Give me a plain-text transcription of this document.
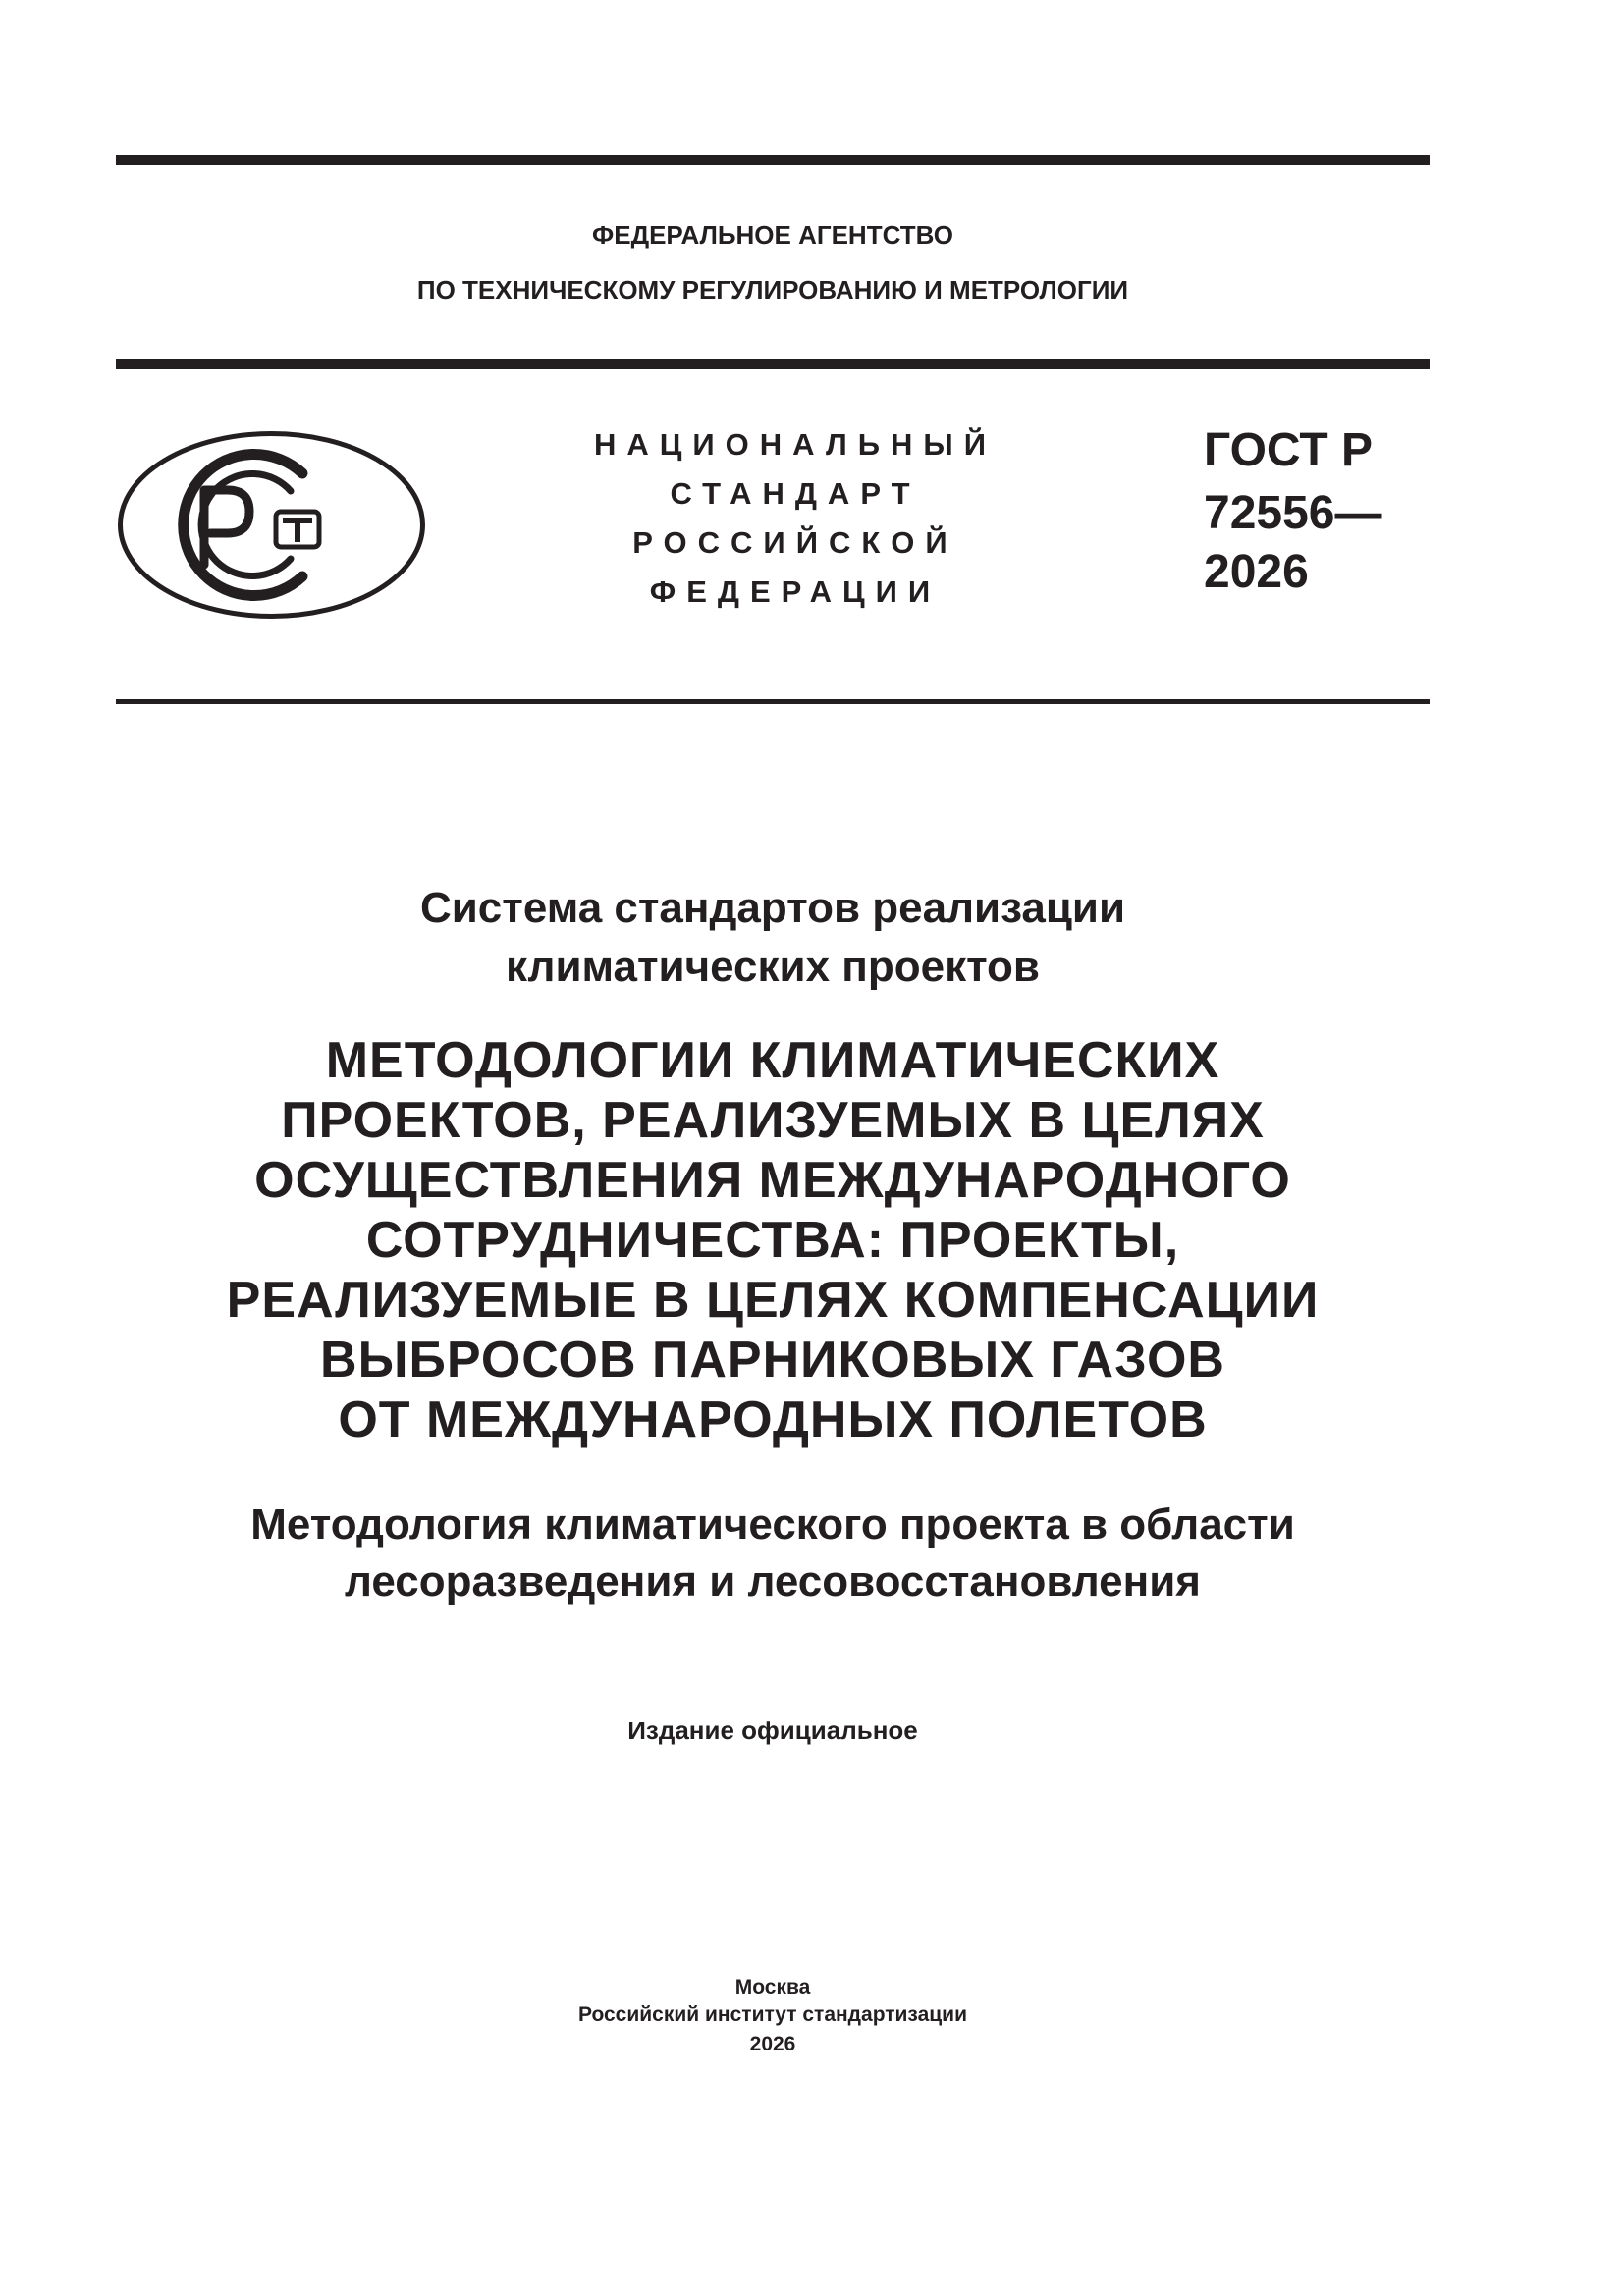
ФЕДЕРАЛЬНОЕ АГЕНТСТВО
ПО ТЕХНИЧЕСКОМУ РЕГУЛИРОВАНИЮ И МЕТРОЛОГИИ
НАЦИОНАЛЬНЫЙ
СТАНДАРТ
РОССИЙСКОЙ
ФЕДЕРАЦИИ
ГОСТ Р
72556—
2026
Система стандартов реализации
климатических проектов
МЕТОДОЛОГИИ КЛИМАТИЧЕСКИХ
ПРОЕКТОВ, РЕАЛИЗУЕМЫХ В ЦЕЛЯХ
ОСУЩЕСТВЛЕНИЯ МЕЖДУНАРОДНОГО
СОТРУДНИЧЕСТВА: ПРОЕКТЫ,
РЕАЛИЗУЕМЫЕ В ЦЕЛЯХ КОМПЕНСАЦИИ
ВЫБРОСОВ ПАРНИКОВЫХ ГАЗОВ
ОТ МЕЖДУНАРОДНЫХ ПОЛЕТОВ
Методология климатического проекта в области
лесоразведения и лесовосстановления
Издание официальное
Москва
Российский институт стандартизации
2026
